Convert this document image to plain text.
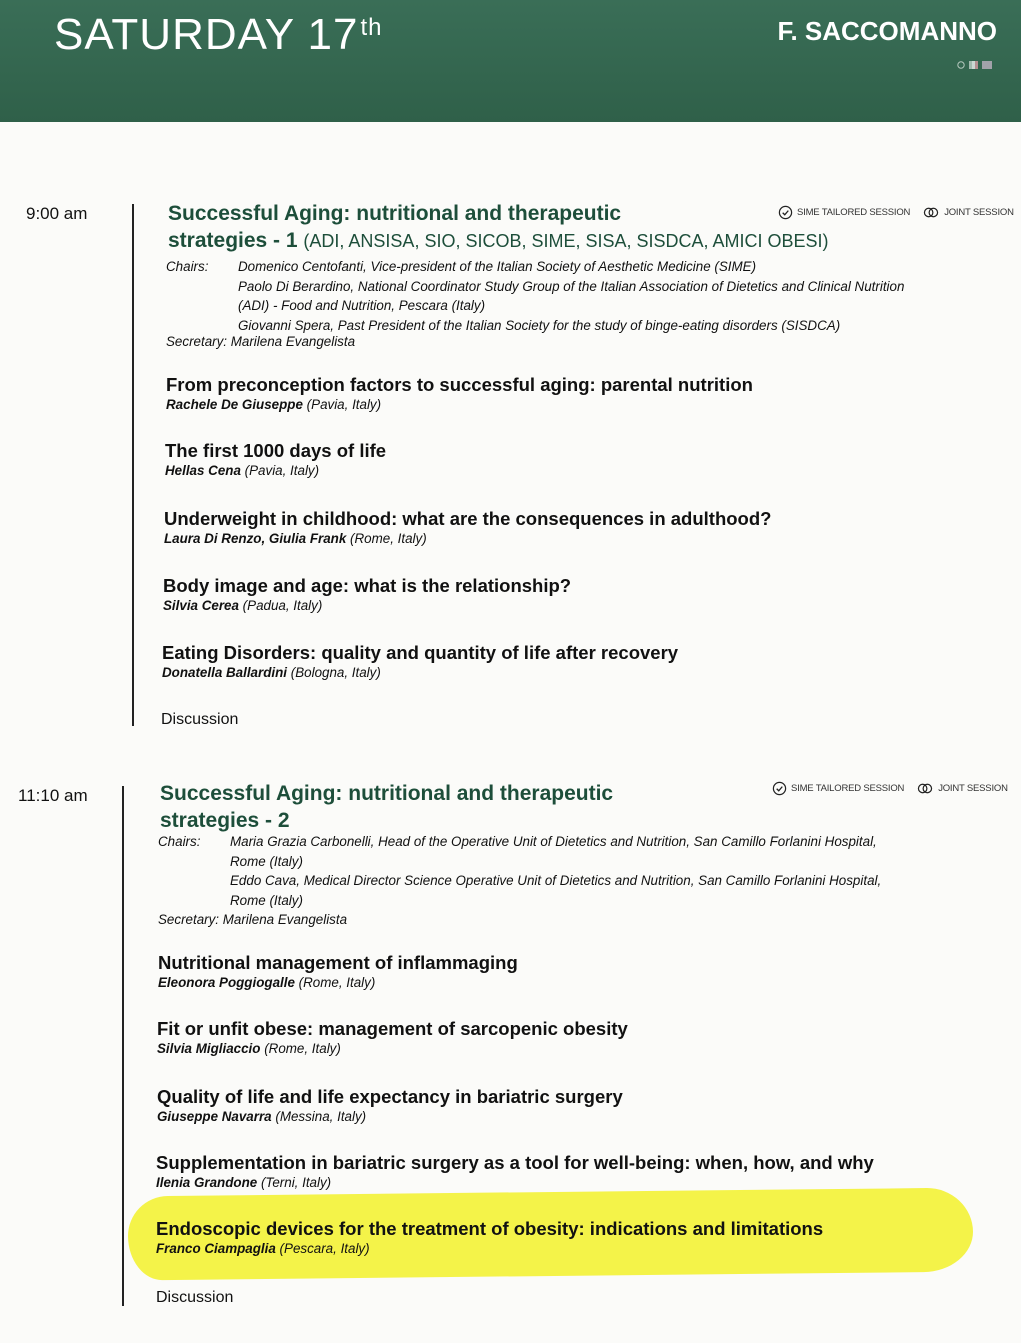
SATURDAY 17th	F. SACCOMANNO
9:00 am	Successful Aging: nutritional and therapeutic
strategies - 1 (ADI, ANSISA, SIO, SICOB, SIME, SISA, SISDCA, AMICI OBESI)
SIME TAILORED SESSION	JOINT SESSION
Chairs: Domenico Centofanti, Vice-president of the Italian Society of Aesthetic Medicine (SIME)
Paolo Di Berardino, National Coordinator Study Group of the Italian Association of Dietetics and Clinical Nutrition
(ADI) - Food and Nutrition, Pescara (Italy)
Giovanni Spera, Past President of the Italian Society for the study of binge-eating disorders (SISDCA)
Secretary: Marilena Evangelista
From preconception factors to successful aging: parental nutrition
Rachele De Giuseppe (Pavia, Italy)
The first 1000 days of life
Hellas Cena (Pavia, Italy)
Underweight in childhood: what are the consequences in adulthood?
Laura Di Renzo, Giulia Frank (Rome, Italy)
Body image and age: what is the relationship?
Silvia Cerea (Padua, Italy)
Eating Disorders: quality and quantity of life after recovery
Donatella Ballardini (Bologna, Italy)
Discussion
11:10 am	Successful Aging: nutritional and therapeutic
strategies - 2
SIME TAILORED SESSION	JOINT SESSION
Chairs: Maria Grazia Carbonelli, Head of the Operative Unit of Dietetics and Nutrition, San Camillo Forlanini Hospital,
Rome (Italy)
Eddo Cava, Medical Director Science Operative Unit of Dietetics and Nutrition, San Camillo Forlanini Hospital,
Rome (Italy)
Secretary: Marilena Evangelista
Nutritional management of inflammaging
Eleonora Poggiogalle (Rome, Italy)
Fit or unfit obese: management of sarcopenic obesity
Silvia Migliaccio (Rome, Italy)
Quality of life and life expectancy in bariatric surgery
Giuseppe Navarra (Messina, Italy)
Supplementation in bariatric surgery as a tool for well-being: when, how, and why
Ilenia Grandone (Terni, Italy)
Endoscopic devices for the treatment of obesity: indications and limitations
Franco Ciampaglia (Pescara, Italy)
Discussion
